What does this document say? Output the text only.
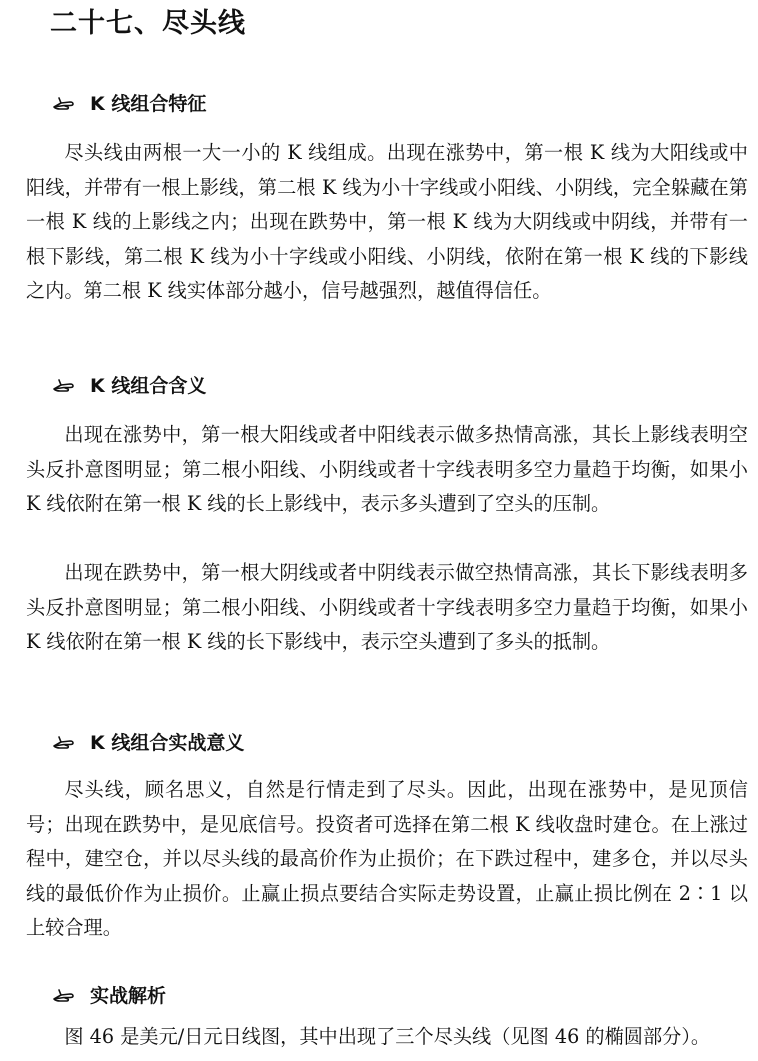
二十七、尽头线
K 线组合特征

尽头线由两根一大一小的 K 线组成。出现在涨势中，第一根 K 线为大阳线或中阳线，并带有一根上影线，第二根 K 线为小十字线或小阳线、小阴线，完全躲藏在第一根 K 线的上影线之内；出现在跌势中，第一根 K 线为大阴线或中阴线，并带有一根下影线，第二根 K 线为小十字线或小阳线、小阴线，依附在第一根 K 线的下影线之内。第二根 K 线实体部分越小，信号越强烈，越值得信任。

K 线组合含义

出现在涨势中，第一根大阳线或者中阳线表示做多热情高涨，其长上影线表明空头反扑意图明显；第二根小阳线、小阴线或者十字线表明多空力量趋于均衡，如果小 K 线依附在第一根 K 线的长上影线中，表示多头遭到了空头的压制。

出现在跌势中，第一根大阴线或者中阴线表示做空热情高涨，其长下影线表明多头反扑意图明显；第二根小阳线、小阴线或者十字线表明多空力量趋于均衡，如果小 K 线依附在第一根 K 线的长下影线中，表示空头遭到了多头的抵制。

K 线组合实战意义

尽头线，顾名思义，自然是行情走到了尽头。因此，出现在涨势中，是见顶信号；出现在跌势中，是见底信号。投资者可选择在第二根 K 线收盘时建仓。在上涨过程中，建空仓，并以尽头线的最高价作为止损价；在下跌过程中，建多仓，并以尽头线的最低价作为止损价。止赢止损点要结合实际走势设置，止赢止损比例在 2∶1 以上较合理。

实战解析

图 46 是美元/日元日线图，其中出现了三个尽头线（见图 46 的椭圆部分）。
